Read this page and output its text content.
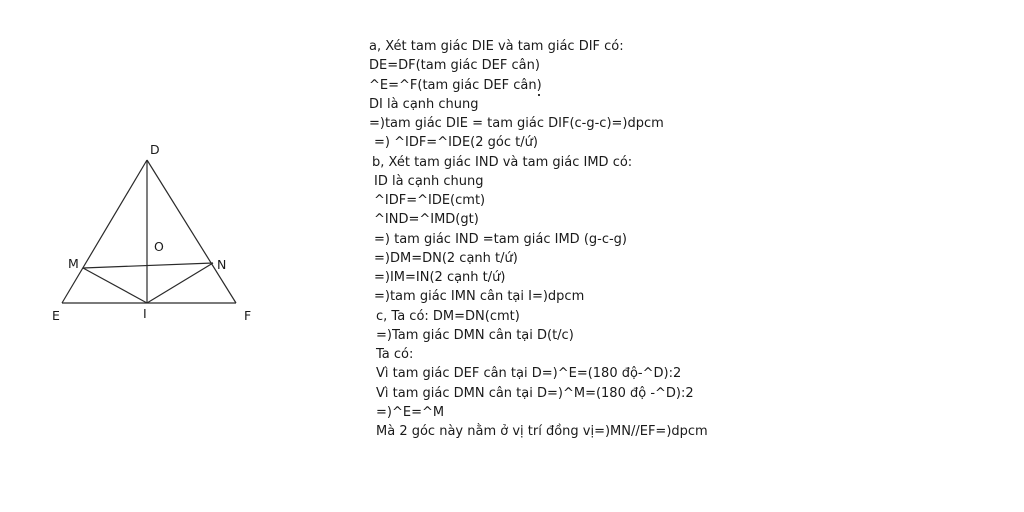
D
O
M	N
E	I	F
a, Xét tam giác DIE và tam giác DIF có:
DE=DF(tam giác DEF cân)
^E=^F(tam giác DEF cân)
DI là cạnh chung
=)tam giác DIE = tam giác DIF(c-g-c)=)dpcm
=) ^IDF=^IDE(2 góc t/ứ)
b, Xét tam giác IND và tam giác IMD có:
ID là cạnh chung
^IDF=^IDE(cmt)
^IND=^IMD(gt)
=) tam giác IND =tam giác IMD (g-c-g)
=)DM=DN(2 cạnh t/ứ)
=)IM=IN(2 cạnh t/ứ)
=)tam giác IMN cân tại I=)dpcm
c, Ta có: DM=DN(cmt)
=)Tam giác DMN cân tại D(t/c)
Ta có:
Vì tam giác DEF cân tại D=)^E=(180 độ-^D):2
Vì tam giác DMN cân tại D=)^M=(180 độ -^D):2
=)^E=^M
Mà 2 góc này nằm ở vị trí đồng vị=)MN//EF=)dpcm
